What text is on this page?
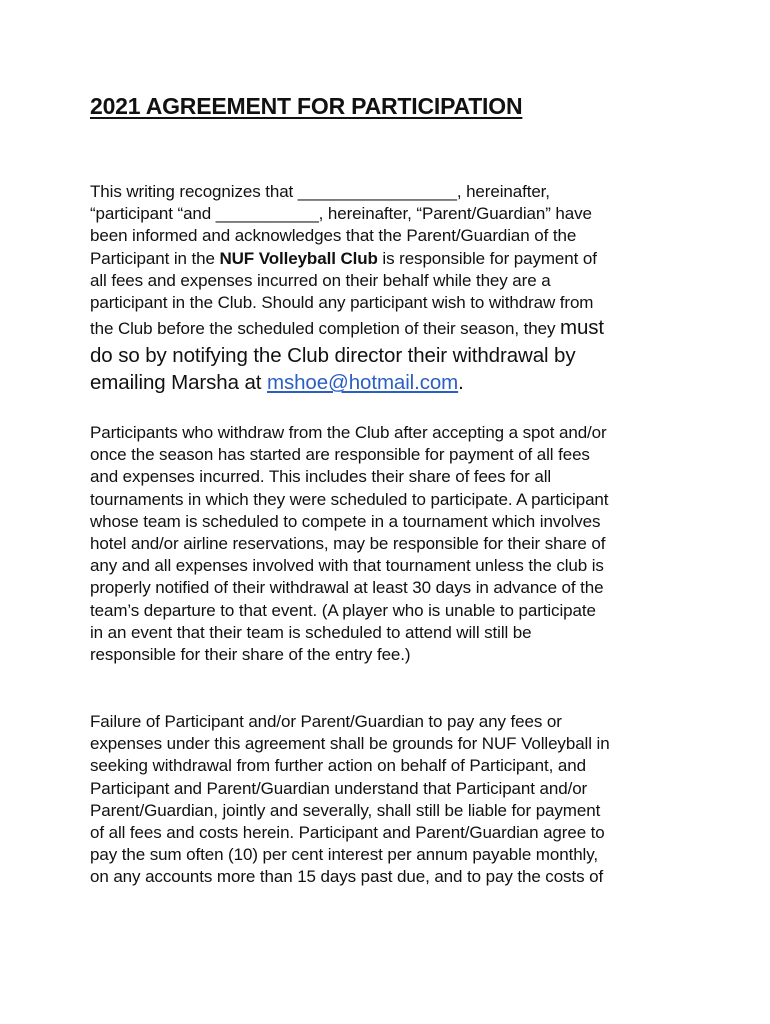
2021 AGREEMENT FOR PARTICIPATION
This writing recognizes that _________________, hereinafter,
“participant “and ___________, hereinafter, “Parent/Guardian” have
been informed and acknowledges that the Parent/Guardian of the
Participant in the NUF Volleyball Club is responsible for payment of
all fees and expenses incurred on their behalf while they are a
participant in the Club. Should any participant wish to withdraw from
the Club before the scheduled completion of their season, they must
do so by notifying the Club director their withdrawal by
emailing Marsha at mshoe@hotmail.com.
Participants who withdraw from the Club after accepting a spot and/or
once the season has started are responsible for payment of all fees
and expenses incurred. This includes their share of fees for all
tournaments in which they were scheduled to participate. A participant
whose team is scheduled to compete in a tournament which involves
hotel and/or airline reservations, may be responsible for their share of
any and all expenses involved with that tournament unless the club is
properly notified of their withdrawal at least 30 days in advance of the
team’s departure to that event. (A player who is unable to participate
in an event that their team is scheduled to attend will still be
responsible for their share of the entry fee.)
Failure of Participant and/or Parent/Guardian to pay any fees or
expenses under this agreement shall be grounds for NUF Volleyball in
seeking withdrawal from further action on behalf of Participant, and
Participant and Parent/Guardian understand that Participant and/or
Parent/Guardian, jointly and severally, shall still be liable for payment
of all fees and costs herein. Participant and Parent/Guardian agree to
pay the sum often (10) per cent interest per annum payable monthly,
on any accounts more than 15 days past due, and to pay the costs of
